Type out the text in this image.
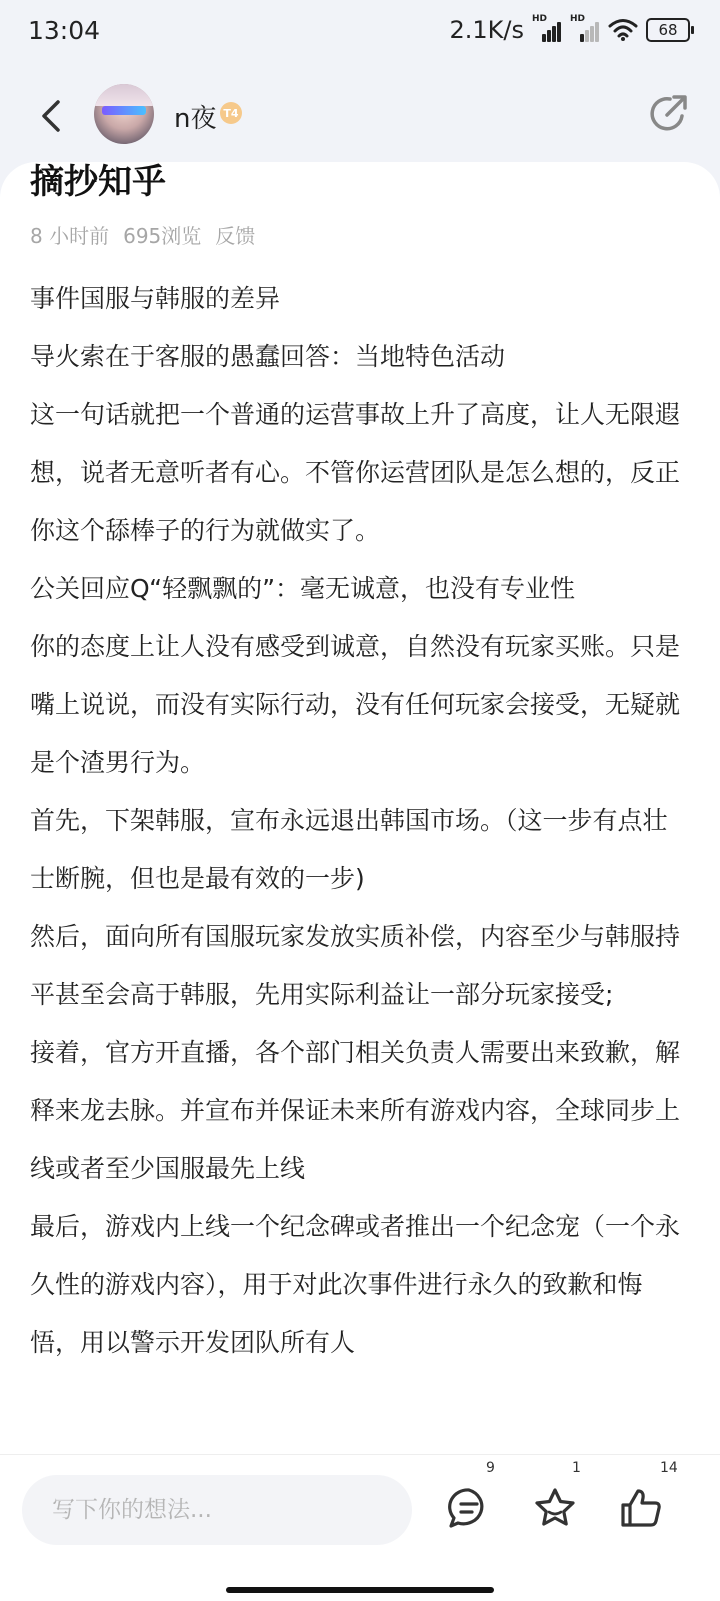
13:04	2.1K/s HD	HD
68
n夜 T4
摘抄知乎
8 小时前 695浏览 反馈

事件国服与韩服的差异

导火索在于客服的愚蠢回答：当地特色活动

这一句话就把一个普通的运营事故上升了高度，让人无限遐想，说者无意听者有心。不管你运营团队是怎么想的，反正你这个舔棒子的行为就做实了。

公关回应Q“轻飘飘的”：毫无诚意，也没有专业性

你的态度上让人没有感受到诚意，自然没有玩家买账。只是嘴上说说，而没有实际行动，没有任何玩家会接受，无疑就是个渣男行为。

首先，下架韩服，宣布永远退出韩国市场。（这一步有点壮士断腕，但也是最有效的一步)

然后，面向所有国服玩家发放实质补偿，内容至少与韩服持平甚至会高于韩服，先用实际利益让一部分玩家接受;

接着，官方开直播，各个部门相关负责人需要出来致歉，解释来龙去脉。并宣布并保证未来所有游戏内容，全球同步上线或者至少国服最先上线

最后，游戏内上线一个纪念碑或者推出一个纪念宠（一个永久性的游戏内容），用于对此次事件进行永久的致歉和悔悟，用以警示开发团队所有人

写下你的想法...
9	1	14
